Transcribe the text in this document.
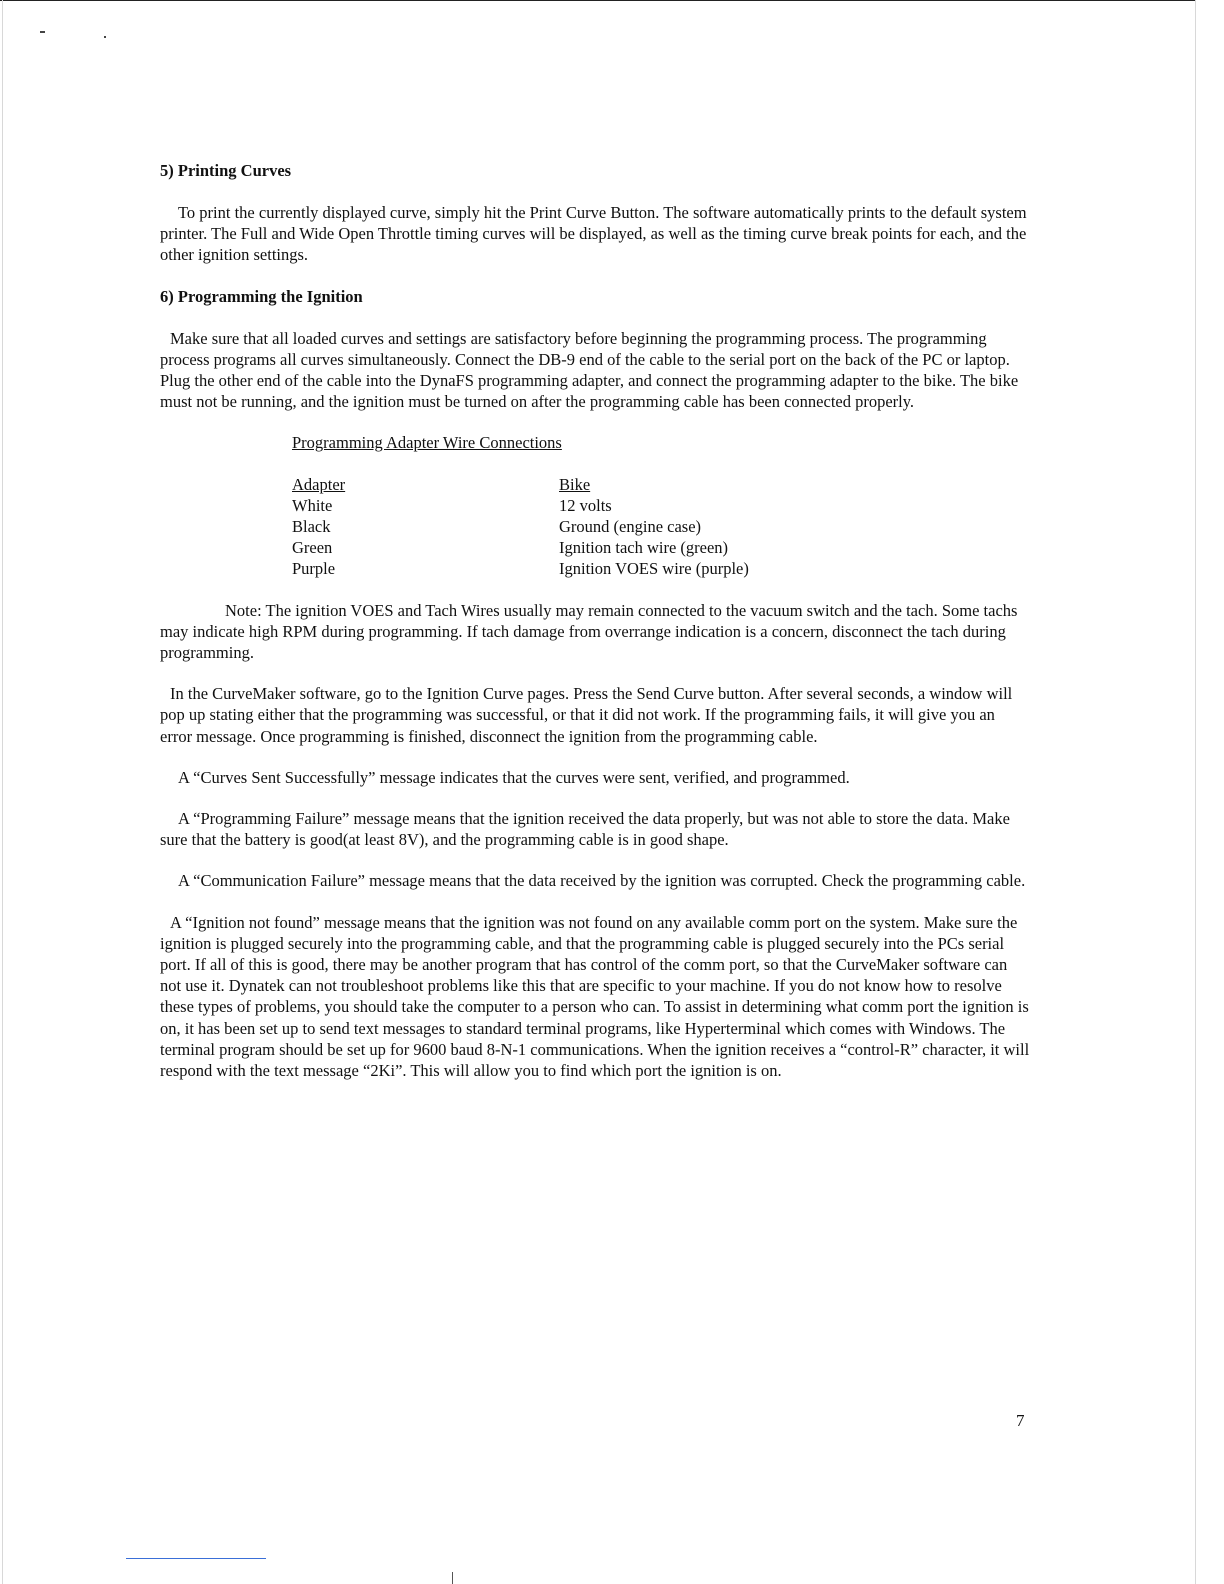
5) Printing Curves

To print the currently displayed curve, simply hit the Print Curve Button. The software automatically prints to the default system printer. The Full and Wide Open Throttle timing curves will be displayed, as well as the timing curve break points for each, and the other ignition settings.

6) Programming the Ignition

Make sure that all loaded curves and settings are satisfactory before beginning the programming process. The programming process programs all curves simultaneously. Connect the DB-9 end of the cable to the serial port on the back of the PC or laptop. Plug the other end of the cable into the DynaFS programming adapter, and connect the programming adapter to the bike. The bike must not be running, and the ignition must be turned on after the programming cable has been connected properly.

Programming Adapter Wire Connections
Adapter	Bike
White	12 volts
Black	Ground (engine case)
Green	Ignition tach wire (green)
Purple	Ignition VOES wire (purple)

Note: The ignition VOES and Tach Wires usually may remain connected to the vacuum switch and the tach. Some tachs may indicate high RPM during programming. If tach damage from overrange indication is a concern, disconnect the tach during programming.

In the CurveMaker software, go to the Ignition Curve pages. Press the Send Curve button. After several seconds, a window will pop up stating either that the programming was successful, or that it did not work. If the programming fails, it will give you an error message. Once programming is finished, disconnect the ignition from the programming cable.

A “Curves Sent Successfully” message indicates that the curves were sent, verified, and programmed.

A “Programming Failure” message means that the ignition received the data properly, but was not able to store the data. Make sure that the battery is good(at least 8V), and the programming cable is in good shape.

A “Communication Failure” message means that the data received by the ignition was corrupted. Check the programming cable.

A “Ignition not found” message means that the ignition was not found on any available comm port on the system. Make sure the ignition is plugged securely into the programming cable, and that the programming cable is plugged securely into the PCs serial port. If all of this is good, there may be another program that has control of the comm port, so that the CurveMaker software can not use it. Dynatek can not troubleshoot problems like this that are specific to your machine. If you do not know how to resolve these types of problems, you should take the computer to a person who can. To assist in determining what comm port the ignition is on, it has been set up to send text messages to standard terminal programs, like Hyperterminal which comes with Windows. The terminal program should be set up for 9600 baud 8-N-1 communications. When the ignition receives a “control-R” character, it will respond with the text message “2Ki”. This will allow you to find which port the ignition is on.

7
